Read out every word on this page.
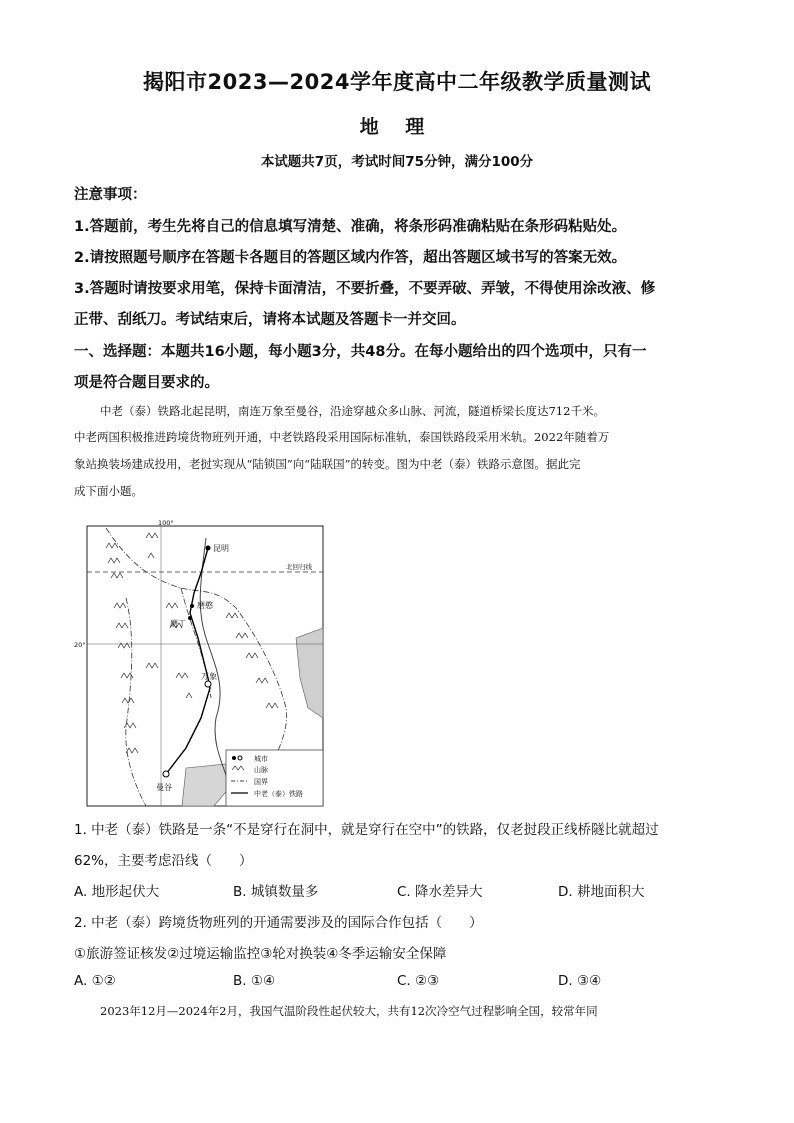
揭阳市2023—2024学年度高中二年级教学质量测试
地 理
本试题共7页，考试时间75分钟，满分100分
注意事项：
1.答题前，考生先将自己的信息填写清楚、准确，将条形码准确粘贴在条形码粘贴处。
2.请按照题号顺序在答题卡各题目的答题区域内作答，超出答题区域书写的答案无效。
3.答题时请按要求用笔，保持卡面清洁，不要折叠，不要弄破、弄皱，不得使用涂改液、修
正带、刮纸刀。考试结束后，请将本试题及答题卡一并交回。
一、选择题：本题共16小题，每小题3分，共48分。在每小题给出的四个选项中，只有一
项是符合题目要求的。
中老（泰）铁路北起昆明，南连万象至曼谷，沿途穿越众多山脉、河流，隧道桥梁长度达712千米。
中老两国积极推进跨境货物班列开通，中老铁路段采用国际标准轨，泰国铁路段采用米轨。2022年随着万
象站换装场建成投用，老挝实现从“陆锁国”向“陆联国”的转变。图为中老（泰）铁路示意图。据此完
成下面小题。
昆明
磨憨
磨丁
万象
曼谷
100°
20°
北回归线
城市
山脉
国界
中老（泰）铁路
1. 中老（泰）铁路是一条“不是穿行在洞中，就是穿行在空中”的铁路，仅老挝段正线桥隧比就超过
62%，主要考虑沿线（　　）
A. 地形起伏大	B. 城镇数量多	C. 降水差异大	D. 耕地面积大
2. 中老（泰）跨境货物班列的开通需要涉及的国际合作包括（　　）
①旅游签证核发②过境运输监控③轮对换装④冬季运输安全保障
A. ①②	B. ①④	C. ②③	D. ③④
2023年12月—2024年2月，我国气温阶段性起伏较大，共有12次冷空气过程影响全国，较常年同
